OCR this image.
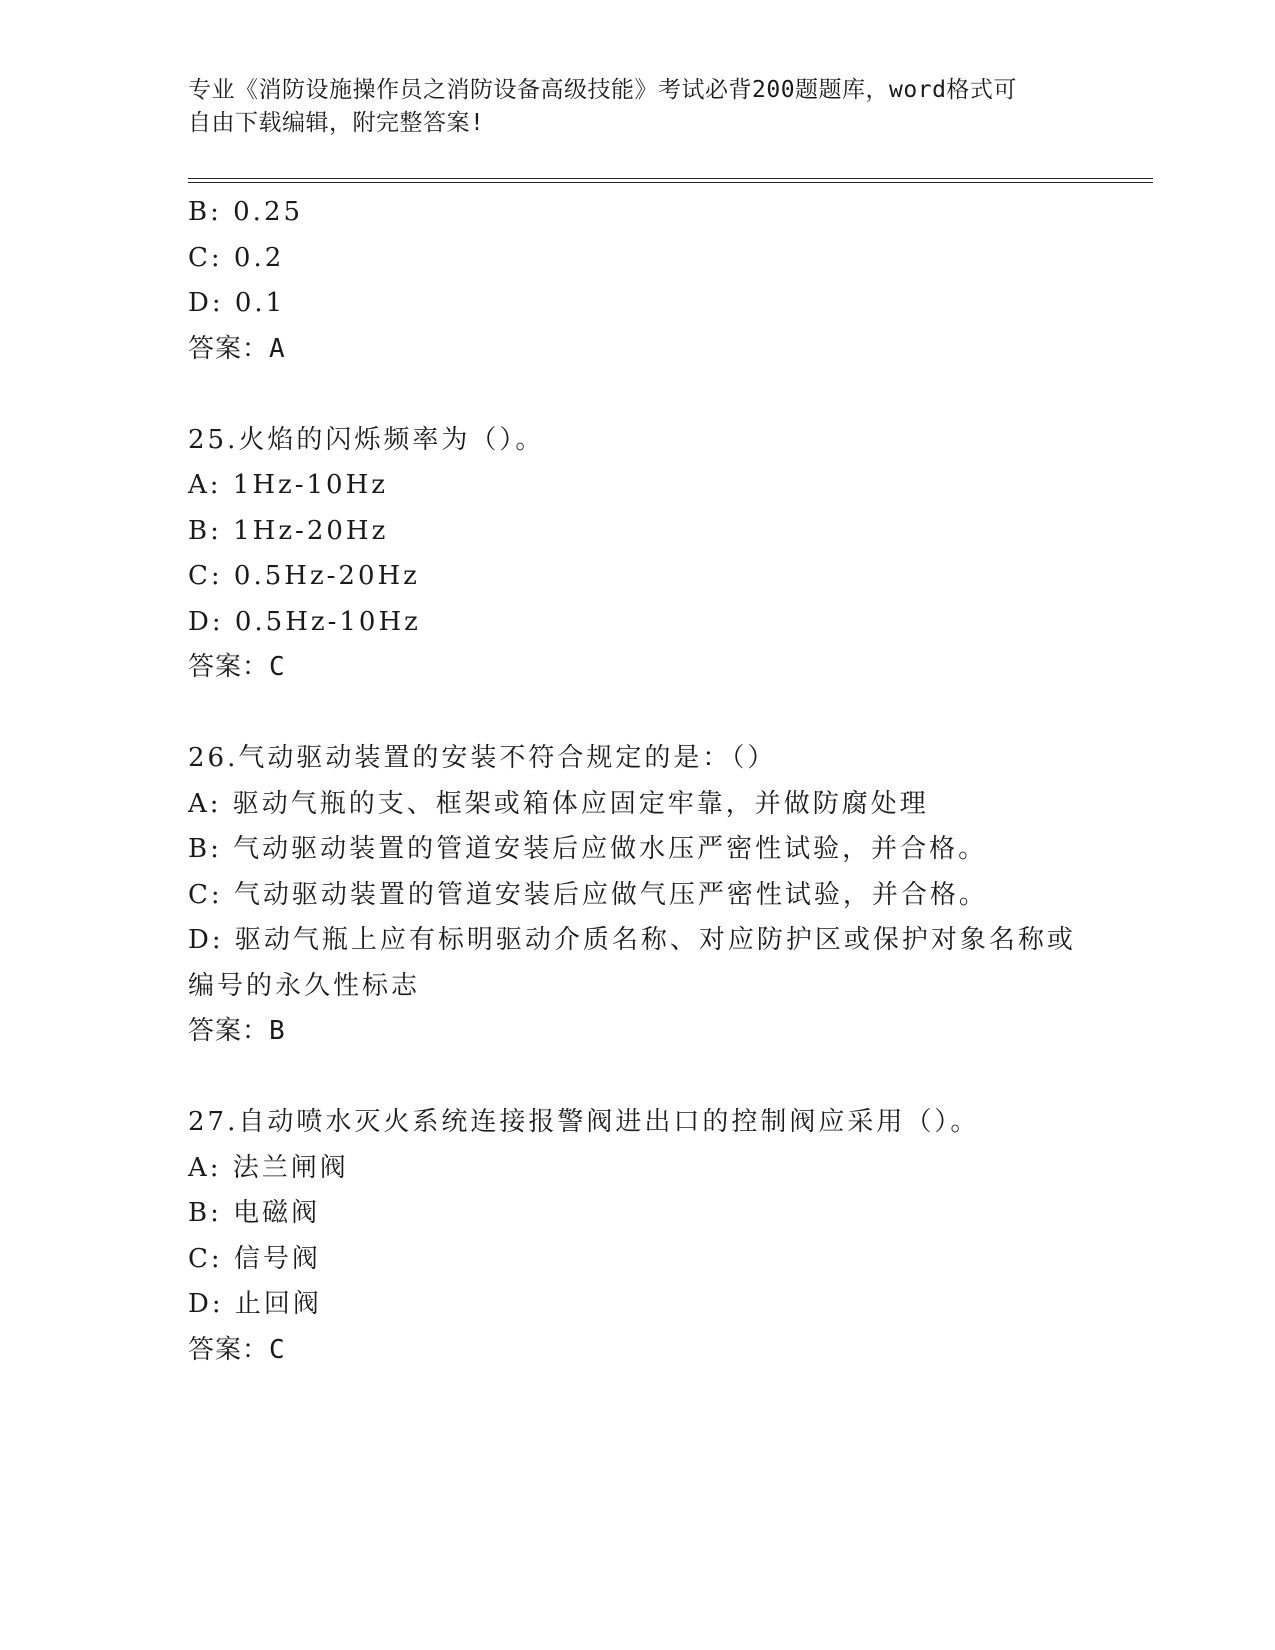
专业《消防设施操作员之消防设备高级技能》考试必背200题题库，word格式可
自由下载编辑，附完整答案!
B: 0.25
C: 0.2
D: 0.1
答案：A
25.火焰的闪烁频率为（）。
A: 1Hz-10Hz
B: 1Hz-20Hz
C: 0.5Hz-20Hz
D: 0.5Hz-10Hz
答案：C
26.气动驱动装置的安装不符合规定的是：（）
A: 驱动气瓶的支、框架或箱体应固定牢靠，并做防腐处理
B: 气动驱动装置的管道安装后应做水压严密性试验，并合格。
C: 气动驱动装置的管道安装后应做气压严密性试验，并合格。
D: 驱动气瓶上应有标明驱动介质名称、对应防护区或保护对象名称或编号的永久性标志
答案：B
27.自动喷水灭火系统连接报警阀进出口的控制阀应采用（）。
A: 法兰闸阀
B: 电磁阀
C: 信号阀
D: 止回阀
答案：C
